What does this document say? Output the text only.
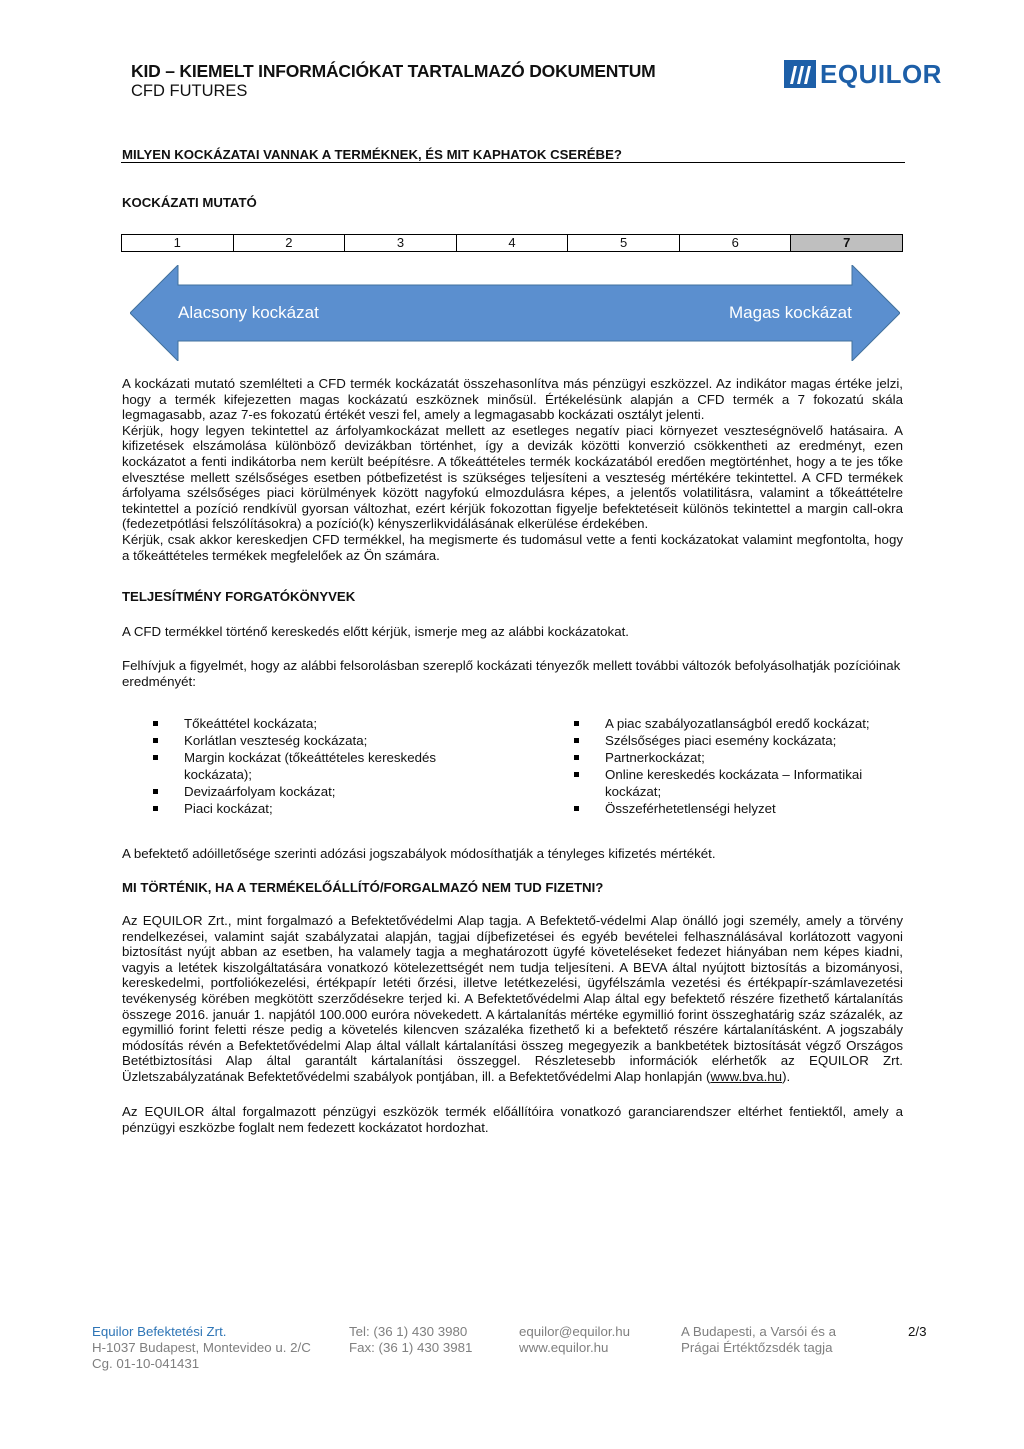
KID – KIEMELT INFORMÁCIÓKAT TARTALMAZÓ DOKUMENTUM
CFD FUTURES
EQUILOR
MILYEN KOCKÁZATAI VANNAK A TERMÉKNEK, ÉS MIT KAPHATOK CSERÉBE?
KOCKÁZATI MUTATÓ
1	2	3	4	5	6	7
Alacsony kockázat	Magas kockázat

A kockázati mutató szemlélteti a CFD termék kockázatát összehasonlítva más pénzügyi eszközzel. Az indikátor magas értéke jelzi, hogy a termék kifejezetten magas kockázatú eszköznek minősül. Értékelésünk alapján a CFD termék a 7 fokozatú skála legmagasabb, azaz 7-es fokozatú értékét veszi fel, amely a legmagasabb kockázati osztályt jelenti.

Kérjük, hogy legyen tekintettel az árfolyamkockázat mellett az esetleges negatív piaci környezet veszteségnövelő hatásaira. A kifizetések elszámolása különböző devizákban történhet, így a devizák közötti konverzió csökkentheti az eredményt, ezen kockázatot a fenti indikátorba nem került beépítésre. A tőkeáttételes termék kockázatából eredően megtörténhet, hogy a te jes tőke elvesztése mellett szélsőséges esetben pótbefizetést is szükséges teljesíteni a veszteség mértékére tekintettel. A CFD termékek árfolyama szélsőséges piaci körülmények között nagyfokú elmozdulásra képes, a jelentős volatilitásra, valamint a tőkeáttételre tekintettel a pozíció rendkívül gyorsan változhat, ezért kérjük fokozottan figyelje befektetéseit különös tekintettel a margin call-okra (fedezetpótlási felszólításokra) a pozíció(k) kényszerlikvidálásának elkerülése érdekében.

Kérjük, csak akkor kereskedjen CFD termékkel, ha megismerte és tudomásul vette a fenti kockázatokat valamint megfontolta, hogy a tőkeáttételes termékek megfelelőek az Ön számára.

TELJESÍTMÉNY FORGATÓKÖNYVEK
A CFD termékkel történő kereskedés előtt kérjük, ismerje meg az alábbi kockázatokat.

Felhívjuk a figyelmét, hogy az alábbi felsorolásban szereplő kockázati tényezők mellett további változók befolyásolhatják pozícióinak eredményét:

Tőkeáttétel kockázata;
Korlátlan veszteség kockázata;
Margin kockázat (tőkeáttételes kereskedés kockázata);
Devizaárfolyam kockázat;
Piaci kockázat;
A piac szabályozatlanságból eredő kockázat;
Szélsőséges piaci esemény kockázata;
Partnerkockázat;
Online kereskedés kockázata – Informatikai kockázat;
Összeférhetetlenségi helyzet
A befektető adóilletősége szerinti adózási jogszabályok módosíthatják a tényleges kifizetés mértékét.
MI TÖRTÉNIK, HA A TERMÉKELŐÁLLÍTÓ/FORGALMAZÓ NEM TUD FIZETNI?

Az EQUILOR Zrt., mint forgalmazó a Befektetővédelmi Alap tagja. A Befektető-védelmi Alap önálló jogi személy, amely a törvény rendelkezései, valamint saját szabályzatai alapján, tagjai díjbefizetései és egyéb bevételei felhasználásával korlátozott vagyoni biztosítást nyújt abban az esetben, ha valamely tagja a meghatározott ügyfé követeléseket fedezet hiányában nem képes kiadni, vagyis a letétek kiszolgáltatására vonatkozó kötelezettségét nem tudja teljesíteni. A BEVA által nyújtott biztosítás a bizományosi, kereskedelmi, portfoliókezelési, értékpapír letéti őrzési, illetve letétkezelési, ügyfélszámla vezetési és értékpapír-számlavezetési tevékenység körében megkötött szerződésekre terjed ki. A Befektetővédelmi Alap által egy befektető részére fizethető kártalanítás összege 2016. január 1. napjától 100.000 euróra növekedett. A kártalanítás mértéke egymillió forint összeghatárig száz százalék, az egymillió forint feletti része pedig a követelés kilencven százaléka fizethető ki a befektető részére kártalanításként. A jogszabály módosítás révén a Befektetővédelmi Alap által vállalt kártalanítási összeg megegyezik a bankbetétek biztosítását végző Országos Betétbiztosítási Alap által garantált kártalanítási összeggel. Részletesebb információk elérhetők az EQUILOR Zrt. Üzletszabályzatának Befektetővédelmi szabályok pontjában, ill. a Befektetővédelmi Alap honlapján (www.bva.hu).

Az EQUILOR által forgalmazott pénzügyi eszközök termék előállítóira vonatkozó garanciarendszer eltérhet fentiektől, amely a pénzügyi eszközbe foglalt nem fedezett kockázatot hordozhat.

Equilor Befektetési Zrt.
H-1037 Budapest, Montevideo u. 2/C
Cg. 01-10-041431
Tel: (36 1) 430 3980
Fax: (36 1) 430 3981
equilor@equilor.hu
www.equilor.hu
A Budapesti, a Varsói és a
Prágai Értéktőzsdék tagja
2/3
